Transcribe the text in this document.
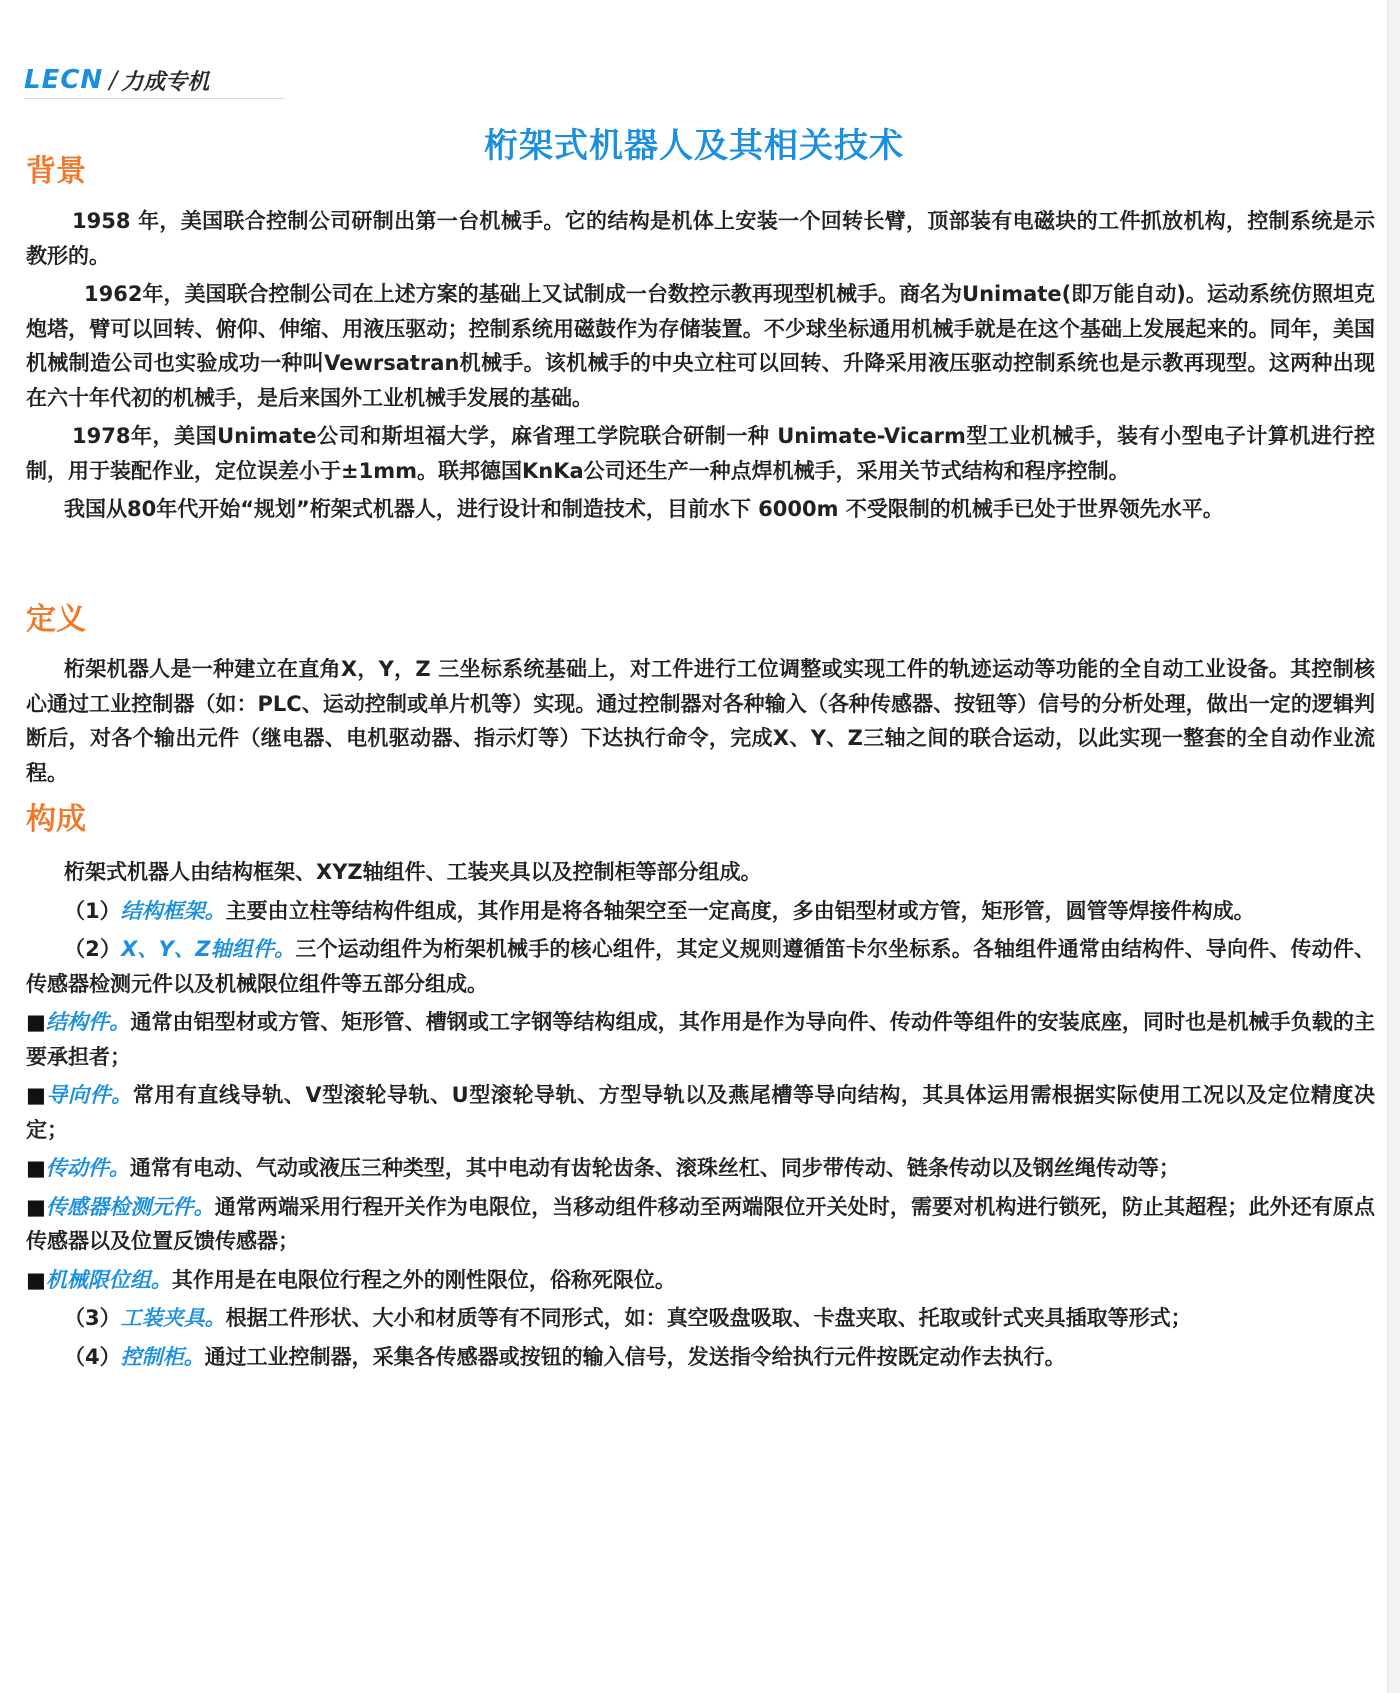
LECN / 力成专机
桁架式机器人及其相关技术
背景

1958 年，美国联合控制公司研制出第一台机械手。它的结构是机体上安装一个回转长臂，顶部装有电磁块的工件抓放机构，控制系统是示教形的。

1962年，美国联合控制公司在上述方案的基础上又试制成一台数控示教再现型机械手。商名为Unimate(即万能自动)。运动系统仿照坦克炮塔，臂可以回转、俯仰、伸缩、用液压驱动；控制系统用磁鼓作为存储装置。不少球坐标通用机械手就是在这个基础上发展起来的。同年，美国机械制造公司也实验成功一种叫Vewrsatran机械手。该机械手的中央立柱可以回转、升降采用液压驱动控制系统也是示教再现型。这两种出现在六十年代初的机械手，是后来国外工业机械手发展的基础。

1978年，美国Unimate公司和斯坦福大学，麻省理工学院联合研制一种 Unimate-Vicarm型工业机械手，装有小型电子计算机进行控制，用于装配作业，定位误差小于±1mm。联邦德国KnKa公司还生产一种点焊机械手，采用关节式结构和程序控制。

我国从80年代开始“规划”桁架式机器人，进行设计和制造技术，目前水下 6000m 不受限制的机械手已处于世界领先水平。

定义

桁架机器人是一种建立在直角X，Y，Z 三坐标系统基础上，对工件进行工位调整或实现工件的轨迹运动等功能的全自动工业设备。其控制核心通过工业控制器（如：PLC、运动控制或单片机等）实现。通过控制器对各种输入（各种传感器、按钮等）信号的分析处理，做出一定的逻辑判断后，对各个输出元件（继电器、电机驱动器、指示灯等）下达执行命令，完成X、Y、Z三轴之间的联合运动，以此实现一整套的全自动作业流程。

构成

桁架式机器人由结构框架、XYZ轴组件、工装夹具以及控制柜等部分组成。

（1）结构框架。主要由立柱等结构件组成，其作用是将各轴架空至一定高度，多由铝型材或方管，矩形管，圆管等焊接件构成。

（2）X、Y、Z轴组件。三个运动组件为桁架机械手的核心组件，其定义规则遵循笛卡尔坐标系。各轴组件通常由结构件、导向件、传动件、传感器检测元件以及机械限位组件等五部分组成。

■结构件。通常由铝型材或方管、矩形管、槽钢或工字钢等结构组成，其作用是作为导向件、传动件等组件的安装底座，同时也是机械手负载的主要承担者；

■导向件。常用有直线导轨、V型滚轮导轨、U型滚轮导轨、方型导轨以及燕尾槽等导向结构，其具体运用需根据实际使用工况以及定位精度决定；

■传动件。通常有电动、气动或液压三种类型，其中电动有齿轮齿条、滚珠丝杠、同步带传动、链条传动以及钢丝绳传动等；

■传感器检测元件。通常两端采用行程开关作为电限位，当移动组件移动至两端限位开关处时，需要对机构进行锁死，防止其超程；此外还有原点传感器以及位置反馈传感器；

■机械限位组。其作用是在电限位行程之外的刚性限位，俗称死限位。

（3）工装夹具。根据工件形状、大小和材质等有不同形式，如：真空吸盘吸取、卡盘夹取、托取或针式夹具插取等形式；

（4）控制柜。通过工业控制器，采集各传感器或按钮的输入信号，发送指令给执行元件按既定动作去执行。
